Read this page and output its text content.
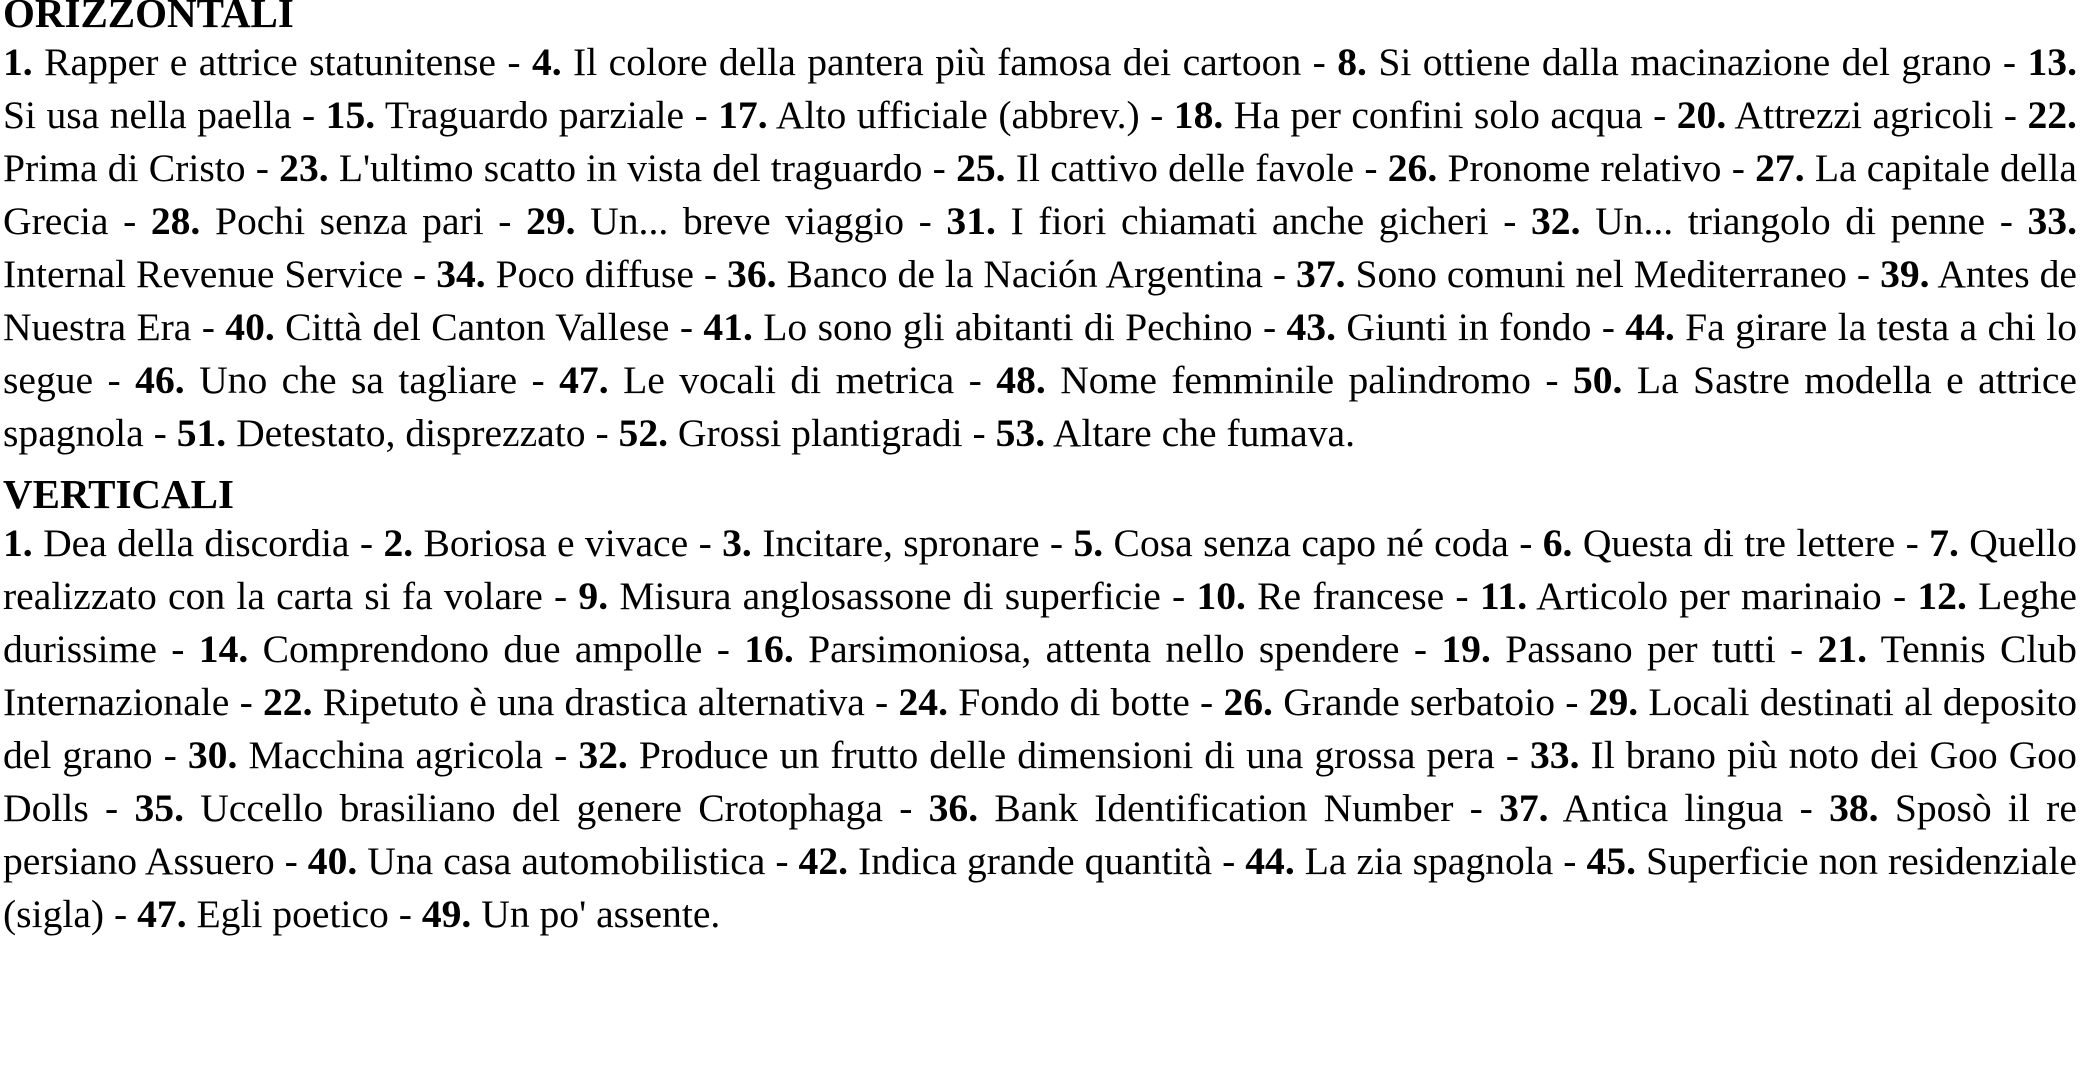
ORIZZONTALI

1. Rapper e attrice statunitense - 4. Il colore della pantera più famosa dei cartoon - 8. Si ottiene dalla macinazione del grano - 13. Si usa nella paella - 15. Traguardo parziale - 17. Alto ufficiale (abbrev.) - 18. Ha per confini solo acqua - 20. Attrezzi agricoli - 22. Prima di Cristo - 23. L'ultimo scatto in vista del traguardo - 25. Il cattivo delle favole - 26. Pronome relativo - 27. La capitale della Grecia - 28. Pochi senza pari - 29. Un... breve viaggio - 31. I fiori chiamati anche gicheri - 32. Un... triangolo di penne - 33. Internal Revenue Service - 34. Poco diffuse - 36. Banco de la Nación Argentina - 37. Sono comuni nel Mediterraneo - 39. Antes de Nuestra Era - 40. Città del Canton Vallese - 41. Lo sono gli abitanti di Pechino - 43. Giunti in fondo - 44. Fa girare la testa a chi lo segue - 46. Uno che sa tagliare - 47. Le vocali di metrica - 48. Nome femminile palindromo - 50. La Sastre modella e attrice spagnola - 51. Detestato, disprezzato - 52. Grossi plantigradi - 53. Altare che fumava.

VERTICALI

1. Dea della discordia - 2. Boriosa e vivace - 3. Incitare, spronare - 5. Cosa senza capo né coda - 6. Questa di tre lettere - 7. Quello realizzato con la carta si fa volare - 9. Misura anglosassone di superficie - 10. Re francese - 11. Articolo per marinaio - 12. Leghe durissime - 14. Comprendono due ampolle - 16. Parsimoniosa, attenta nello spendere - 19. Passano per tutti - 21. Tennis Club Internazionale - 22. Ripetuto è una drastica alternativa - 24. Fondo di botte - 26. Grande serbatoio - 29. Locali destinati al deposito del grano - 30. Macchina agricola - 32. Produce un frutto delle dimensioni di una grossa pera - 33. Il brano più noto dei Goo Goo Dolls - 35. Uccello brasiliano del genere Crotophaga - 36. Bank Identification Number - 37. Antica lingua - 38. Sposò il re persiano Assuero - 40. Una casa automobilistica - 42. Indica grande quantità - 44. La zia spagnola - 45. Superficie non residenziale (sigla) - 47. Egli poetico - 49. Un po' assente.
